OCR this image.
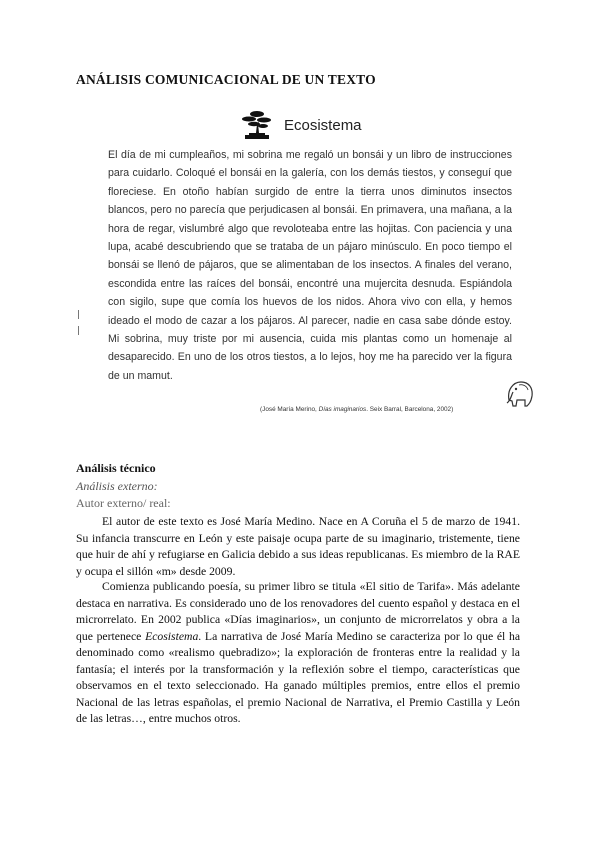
ANÁLISIS COMUNICACIONAL DE UN TEXTO
Ecosistema

El día de mi cumpleaños, mi sobrina me regaló un bonsái y un libro de instrucciones para cuidarlo. Coloqué el bonsái en la galería, con los demás tiestos, y conseguí que floreciese. En otoño habían surgido de entre la tierra unos diminutos insectos blancos, pero no parecía que perjudicasen al bonsái. En primavera, una mañana, a la hora de regar, vislumbré algo que revoloteaba entre las hojitas. Con paciencia y una lupa, acabé descubriendo que se trataba de un pájaro minúsculo. En poco tiempo el bonsái se llenó de pájaros, que se alimentaban de los insectos. A finales del verano, escondida entre las raíces del bonsái, encontré una mujercita desnuda. Espiándola con sigilo, supe que comía los huevos de los nidos. Ahora vivo con ella, y hemos ideado el modo de cazar a los pájaros. Al parecer, nadie en casa sabe dónde estoy. Mi sobrina, muy triste por mi ausencia, cuida mis plantas como un homenaje al desaparecido. En uno de los otros tiestos, a lo lejos, hoy me ha parecido ver la figura de un mamut.

(José María Merino, Días imaginarios. Seix Barral, Barcelona, 2002)
Análisis técnico
Análisis externo:
Autor externo/ real:

El autor de este texto es José María Medino. Nace en A Coruña el 5 de marzo de 1941. Su infancia transcurre en León y este paisaje ocupa parte de su imaginario, tristemente, tiene que huir de ahí y refugiarse en Galicia debido a sus ideas republicanas. Es miembro de la RAE y ocupa el sillón «m» desde 2009.

Comienza publicando poesía, su primer libro se titula «El sitio de Tarifa». Más adelante destaca en narrativa. Es considerado uno de los renovadores del cuento español y destaca en el microrrelato. En 2002 publica «Días imaginarios», un conjunto de microrrelatos y obra a la que pertenece Ecosistema. La narrativa de José María Medino se caracteriza por lo que él ha denominado como «realismo quebradizo»; la exploración de fronteras entre la realidad y la fantasía; el interés por la transformación y la reflexión sobre el tiempo, características que observamos en el texto seleccionado. Ha ganado múltiples premios, entre ellos el premio Nacional de las letras españolas, el premio Nacional de Narrativa, el Premio Castilla y León de las letras…, entre muchos otros.
